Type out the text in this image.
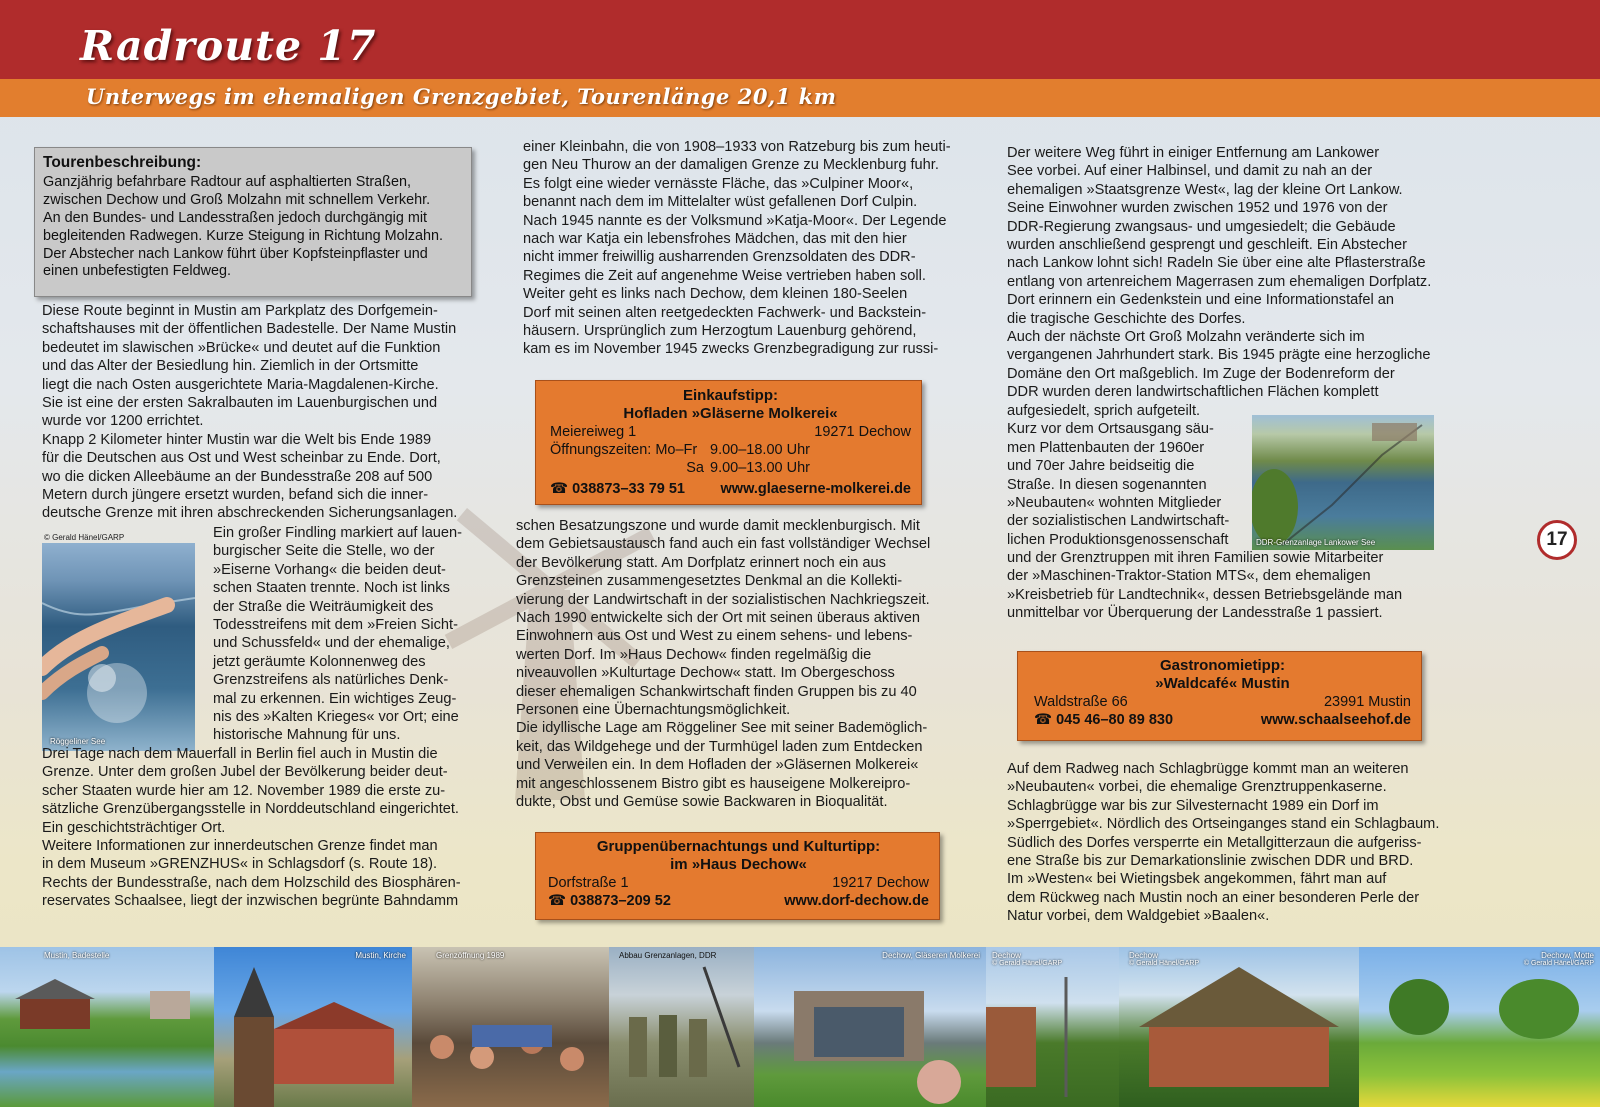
Radroute 17
Unterwegs im ehemaligen Grenzgebiet, Tourenlänge 20,1 km
Tourenbeschreibung:
Ganzjährig befahrbare Radtour auf asphaltierten Straßen,
zwischen Dechow und Groß Molzahn mit schnellem Verkehr.
An den Bundes- und Landesstraßen jedoch durchgängig mit
begleitenden Radwegen. Kurze Steigung in Richtung Molzahn.
Der Abstecher nach Lankow führt über Kopfsteinpflaster und
einen unbefestigten Feldweg.

Diese Route beginnt in Mustin am Parkplatz des Dorfgemein-

schaftshauses mit der öffentlichen Badestelle. Der Name Mustin

bedeutet im slawischen »Brücke« und deutet auf die Funktion

und das Alter der Besiedlung hin. Ziemlich in der Ortsmitte

liegt die nach Osten ausgerichtete Maria-Magdalenen-Kirche.

Sie ist eine der ersten Sakralbauten im Lauenburgischen und

wurde vor 1200 errichtet.

Knapp 2 Kilometer hinter Mustin war die Welt bis Ende 1989

für die Deutschen aus Ost und West scheinbar zu Ende. Dort,

wo die dicken Alleebäume an der Bundesstraße 208 auf 500

Metern durch jüngere ersetzt wurden, befand sich die inner-

deutsche Grenze mit ihren abschreckenden Sicherungsanlagen.

Röggeliner See
© Gerald Hänel/GARP	Ein großer Findling markiert auf lauen-

burgischer Seite die Stelle, wo der

»Eiserne Vorhang« die beiden deut-

schen Staaten trennte. Noch ist links

der Straße die Weiträumigkeit des

Todesstreifens mit dem »Freien Sicht-

und Schussfeld« und der ehemalige,

jetzt geräumte Kolonnenweg des

Grenzstreifens als natürliches Denk-

mal zu erkennen. Ein wichtiges Zeug-

nis des »Kalten Krieges« vor Ort; eine

historische Mahnung für uns.

Drei Tage nach dem Mauerfall in Berlin fiel auch in Mustin die

Grenze. Unter dem großen Jubel der Bevölkerung beider deut-

scher Staaten wurde hier am 12. November 1989 die erste zu-

sätzliche Grenzübergangsstelle in Norddeutschland eingerichtet.

Ein geschichtsträchtiger Ort.

Weitere Informationen zur innerdeutschen Grenze findet man

in dem Museum »GRENZHUS« in Schlagsdorf (s. Route 18).

Rechts der Bundesstraße, nach dem Holzschild des Biosphären-

reservates Schaalsee, liegt der inzwischen begrünte Bahndamm

einer Kleinbahn, die von 1908–1933 von Ratzeburg bis zum heuti-

gen Neu Thurow an der damaligen Grenze zu Mecklenburg fuhr.

Es folgt eine wieder vernässte Fläche, das »Culpiner Moor«,

benannt nach dem im Mittelalter wüst gefallenen Dorf Culpin.

Nach 1945 nannte es der Volksmund »Katja-Moor«. Der Legende

nach war Katja ein lebensfrohes Mädchen, das mit den hier

nicht immer freiwillig ausharrenden Grenzsoldaten des DDR-

Regimes die Zeit auf angenehme Weise vertrieben haben soll.

Weiter geht es links nach Dechow, dem kleinen 180-Seelen

Dorf mit seinen alten reetgedeckten Fachwerk- und Backstein-

häusern. Ursprünglich zum Herzogtum Lauenburg gehörend,

kam es im November 1945 zwecks Grenzbegradigung zur russi-

Einkaufstipp:
Hofladen »Gläserne Molkerei«
Meiereiweg 1	19271 Dechow
Öffnungszeiten: Mo–Fr 9.00–18.00 Uhr
Sa 9.00–13.00 Uhr
☎ 038873–33 79 51 www.glaeserne-molkerei.de

schen Besatzungszone und wurde damit mecklenburgisch. Mit

dem Gebietsaustausch fand auch ein fast vollständiger Wechsel

der Bevölkerung statt. Am Dorfplatz erinnert noch ein aus

Grenzsteinen zusammengesetztes Denkmal an die Kollekti-

vierung der Landwirtschaft in der sozialistischen Nachkriegszeit.

Nach 1990 entwickelte sich der Ort mit seinen überaus aktiven

Einwohnern aus Ost und West zu einem sehens- und lebens-

werten Dorf. Im »Haus Dechow« finden regelmäßig die

niveauvollen »Kulturtage Dechow« statt. Im Obergeschoss

dieser ehemaligen Schankwirtschaft finden Gruppen bis zu 40

Personen eine Übernachtungsmöglichkeit.

Die idyllische Lage am Röggeliner See mit seiner Bademöglich-

keit, das Wildgehege und der Turmhügel laden zum Entdecken

und Verweilen ein. In dem Hofladen der »Gläsernen Molkerei«

mit angeschlossenem Bistro gibt es hauseigene Molkereipro-

dukte, Obst und Gemüse sowie Backwaren in Bioqualität.

Gruppenübernachtungs und Kulturtipp:
im »Haus Dechow«
Dorfstraße 1	19217 Dechow
☎ 038873–209 52	www.dorf-dechow.de

Der weitere Weg führt in einiger Entfernung am Lankower

See vorbei. Auf einer Halbinsel, und damit zu nah an der

ehemaligen »Staatsgrenze West«, lag der kleine Ort Lankow.

Seine Einwohner wurden zwischen 1952 und 1976 von der

DDR-Regierung zwangsaus- und umgesiedelt; die Gebäude

wurden anschließend gesprengt und geschleift. Ein Abstecher

nach Lankow lohnt sich! Radeln Sie über eine alte Pflasterstraße

entlang von artenreichem Magerrasen zum ehemaligen Dorfplatz.

Dort erinnern ein Gedenkstein und eine Informationstafel an

die tragische Geschichte des Dorfes.

Auch der nächste Ort Groß Molzahn veränderte sich im

vergangenen Jahrhundert stark. Bis 1945 prägte eine herzogliche

Domäne den Ort maßgeblich. Im Zuge der Bodenreform der

DDR wurden deren landwirtschaftlichen Flächen komplett

aufgesiedelt, sprich aufgeteilt.

Kurz vor dem Ortsausgang säu-

men Plattenbauten der 1960er

und 70er Jahre beidseitig die

Straße. In diesen sogenannten

»Neubauten« wohnten Mitglieder

der sozialistischen Landwirtschaft-

lichen Produktionsgenossenschaft	DDR-Grenzanlage Lankower See

und der Grenztruppen mit ihren Familien sowie Mitarbeiter

der »Maschinen-Traktor-Station MTS«, dem ehemaligen

»Kreisbetrieb für Landtechnik«, dessen Betriebsgelände man

unmittelbar vor Überquerung der Landesstraße 1 passiert.

Gastronomietipp:
»Waldcafé« Mustin
Waldstraße 66	23991 Mustin
☎ 045 46–80 89 830	www.schaalseehof.de

Auf dem Radweg nach Schlagbrügge kommt man an weiteren

»Neubauten« vorbei, die ehemalige Grenztruppenkaserne.

Schlagbrügge war bis zur Silvesternacht 1989 ein Dorf im

»Sperrgebiet«. Nördlich des Ortseinganges stand ein Schlagbaum.

Südlich des Dorfes versperrte ein Metallgitterzaun die aufgeriss-

ene Straße bis zur Demarkationslinie zwischen DDR und BRD.

Im »Westen« bei Wietingsbek angekommen, fährt man auf

dem Rückweg nach Mustin noch an einer besonderen Perle der

Natur vorbei, dem Waldgebiet »Baalen«.

17
Mustin, Badestelle	Mustin, Kirche	Grenzöffnung 1989	Abbau Grenzanlagen, DDR	Dechow, Gläseren Molkerei Dechow
© Gerald Hänel/GARP
Dechow
© Gerald Hänel/GARP
Dechow, Motte
© Gerald Hänel/GARP
